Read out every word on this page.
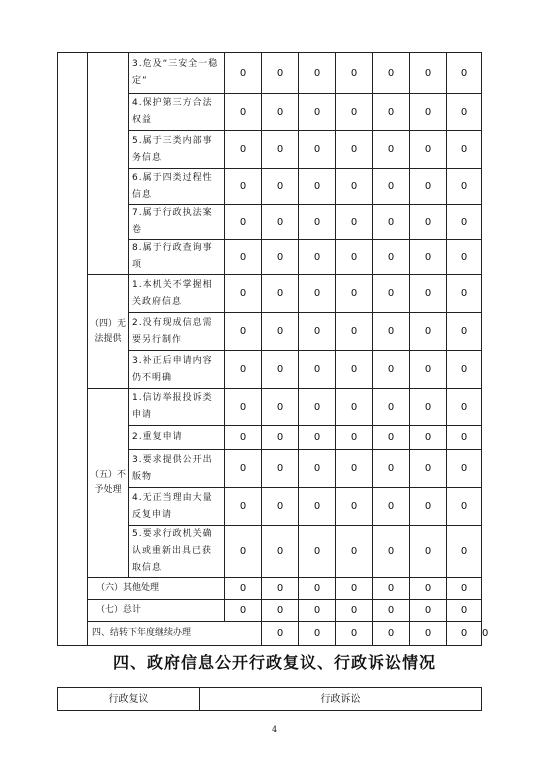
		3.危及“三安全一稳定”	0	0	0	0	0	0	0	
		4.保护第三方合法权益	0	0	0	0	0	0	0	
		5.属于三类内部事务信息	0	0	0	0	0	0	0	
		6.属于四类过程性信息	0	0	0	0	0	0	0	
		7.属于行政执法案卷	0	0	0	0	0	0	0	
		8.属于行政查询事项	0	0	0	0	0	0	0	
	（四）无法提供	1.本机关不掌握相关政府信息	0	0	0	0	0	0	0	
		2.没有现成信息需要另行制作	0	0	0	0	0	0	0	
		3.补正后申请内容仍不明确	0	0	0	0	0	0	0	
	（五）不予处理	1.信访举报投诉类申请	0	0	0	0	0	0	0	
		2.重复申请	0	0	0	0	0	0	0	
		3.要求提供公开出版物	0	0	0	0	0	0	0	
		4.无正当理由大量反复申请	0	0	0	0	0	0	0	
		5.要求行政机关确认或重新出具已获取信息	0	0	0	0	0	0	0	
	（六）其他处理		0	0	0	0	0	0	0	
	（七）总计		0	0	0	0	0	0	0	
	四、结转下年度继续办理			0	0	0	0	0	0	0
四、政府信息公开行政复议、行政诉讼情况
行政复议	行政诉讼
4
